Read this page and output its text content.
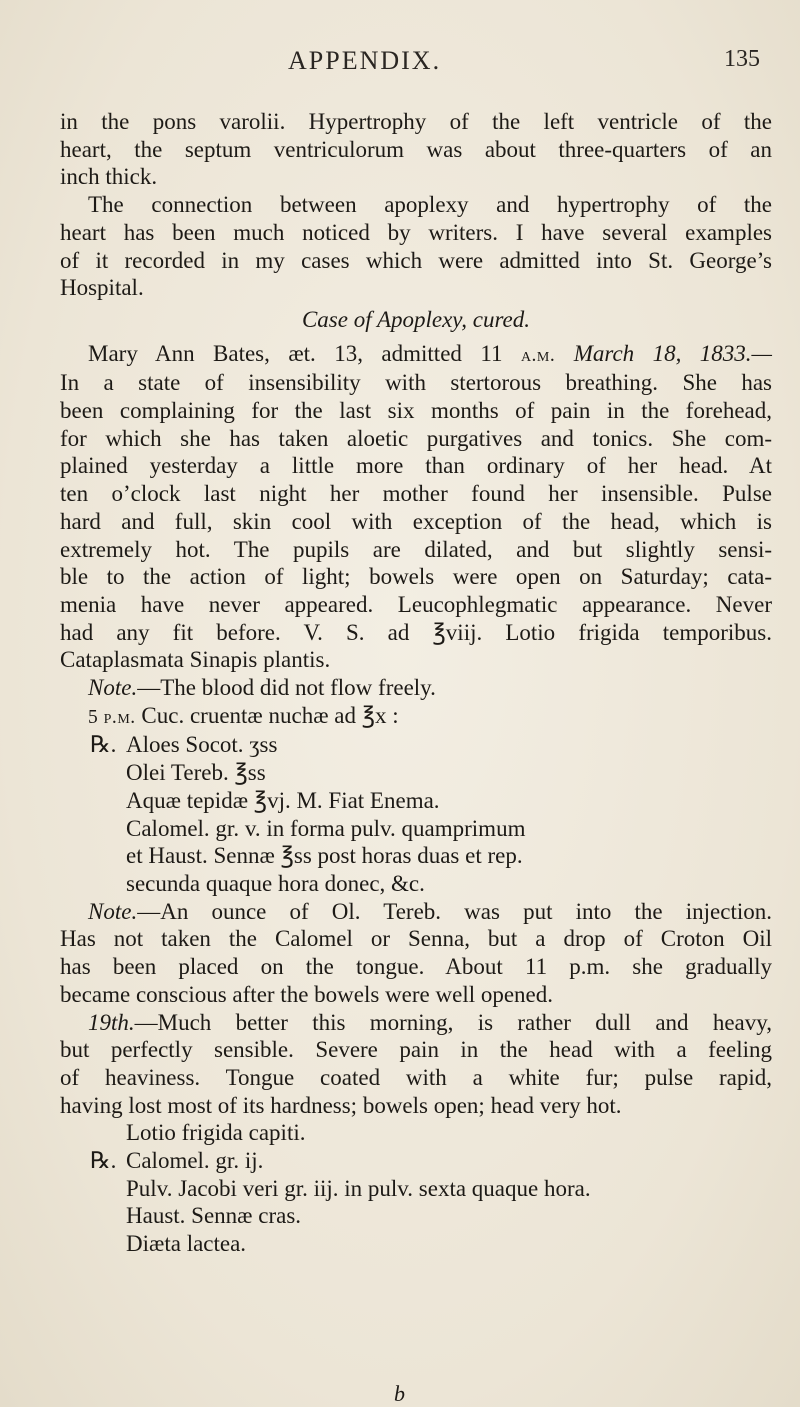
APPENDIX.	135
in the pons varolii. Hypertrophy of the left ventricle of the
heart, the septum ventriculorum was about three-quarters of an
inch thick.
The connection between apoplexy and hypertrophy of the
heart has been much noticed by writers. I have several examples
of it recorded in my cases which were admitted into St. George’s
Hospital.
Case of Apoplexy, cured.
Mary Ann Bates, æt. 13, admitted 11 a.m. March 18, 1833.—
In a state of insensibility with stertorous breathing. She has
been complaining for the last six months of pain in the forehead,
for which she has taken aloetic purgatives and tonics. She com-
plained yesterday a little more than ordinary of her head. At
ten o’clock last night her mother found her insensible. Pulse
hard and full, skin cool with exception of the head, which is
extremely hot. The pupils are dilated, and but slightly sensi-
ble to the action of light; bowels were open on Saturday; cata-
menia have never appeared. Leucophlegmatic appearance. Never
had any fit before. V. S. ad ℥viij. Lotio frigida temporibus.
Cataplasmata Sinapis plantis.
Note.—The blood did not flow freely.
5 p.m. Cuc. cruentæ nuchæ ad ℥x :
℞. Aloes Socot. ʒss
Olei Tereb. ℥ss
Aquæ tepidæ ℥vj. M. Fiat Enema.
Calomel. gr. v. in forma pulv. quamprimum
et Haust. Sennæ ℥ss post horas duas et rep.
secunda quaque hora donec, &c.
Note.—An ounce of Ol. Tereb. was put into the injection.
Has not taken the Calomel or Senna, but a drop of Croton Oil
has been placed on the tongue. About 11 p.m. she gradually
became conscious after the bowels were well opened.
19th.—Much better this morning, is rather dull and heavy,
but perfectly sensible. Severe pain in the head with a feeling
of heaviness. Tongue coated with a white fur; pulse rapid,
having lost most of its hardness; bowels open; head very hot.
Lotio frigida capiti.
℞. Calomel. gr. ij.
Pulv. Jacobi veri gr. iij. in pulv. sexta quaque hora.
Haust. Sennæ cras.
Diæta lactea.
b
